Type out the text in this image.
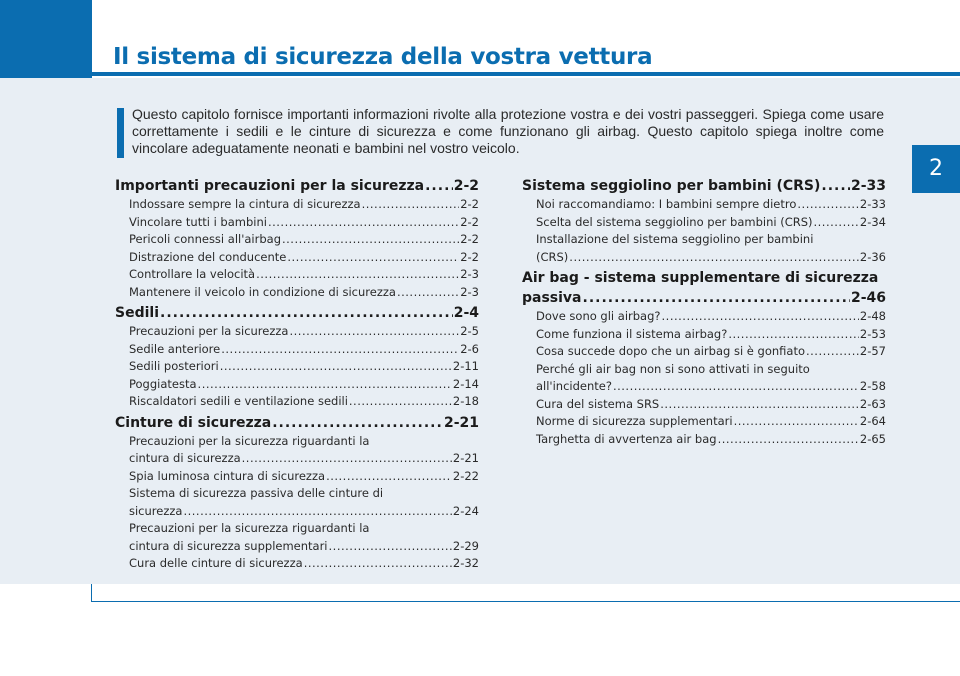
Il sistema di sicurezza della vostra vettura
2

Questo capitolo fornisce importanti informazioni rivolte alla protezione vostra e dei vostri passeggeri. Spiega come usare correttamente i sedili e le cinture di sicurezza e come funzionano gli airbag. Questo capitolo spiega inoltre come vincolare adeguatamente neonati e bambini nel vostro veicolo.

Importanti precauzioni per la sicurezza ..... 2-2
Indossare sempre la cintura di sicurezza .....	2-2
Vincolare tutti i bambini .....	2-2
Pericoli connessi all'airbag .....	2-2
Distrazione del conducente .....	2-2
Controllare la velocità .....	2-3
Mantenere il veicolo in condizione di sicurezza .....	2-3
Sedili .....	2-4
Precauzioni per la sicurezza .....	2-5
Sedile anteriore .....	2-6
Sedili posteriori .....	2-11
Poggiatesta .....	2-14
Riscaldatori sedili e ventilazione sedili .....	2-18
Cinture di sicurezza .....	2-21
Precauzioni per la sicurezza riguardanti la
cintura di sicurezza .....	2-21
Spia luminosa cintura di sicurezza .....	2-22
Sistema di sicurezza passiva delle cinture di
sicurezza .....	2-24
Precauzioni per la sicurezza riguardanti la
cintura di sicurezza supplementari .....	2-29
Cura delle cinture di sicurezza .....	2-32
Sistema seggiolino per bambini (CRS) ..... 2-33
Noi raccomandiamo: I bambini sempre dietro .....	2-33
Scelta del sistema seggiolino per bambini (CRS) .....	2-34
Installazione del sistema seggiolino per bambini
(CRS) .....	2-36
Air bag - sistema supplementare di sicurezza
passiva .....	2-46
Dove sono gli airbag? .....	2-48
Come funziona il sistema airbag? .....	2-53
Cosa succede dopo che un airbag si è gonfiato .....	2-57
Perché gli air bag non si sono attivati in seguito
all'incidente? .....	2-58
Cura del sistema SRS .....	2-63
Norme di sicurezza supplementari .....	2-64
Targhetta di avvertenza air bag .....	2-65
